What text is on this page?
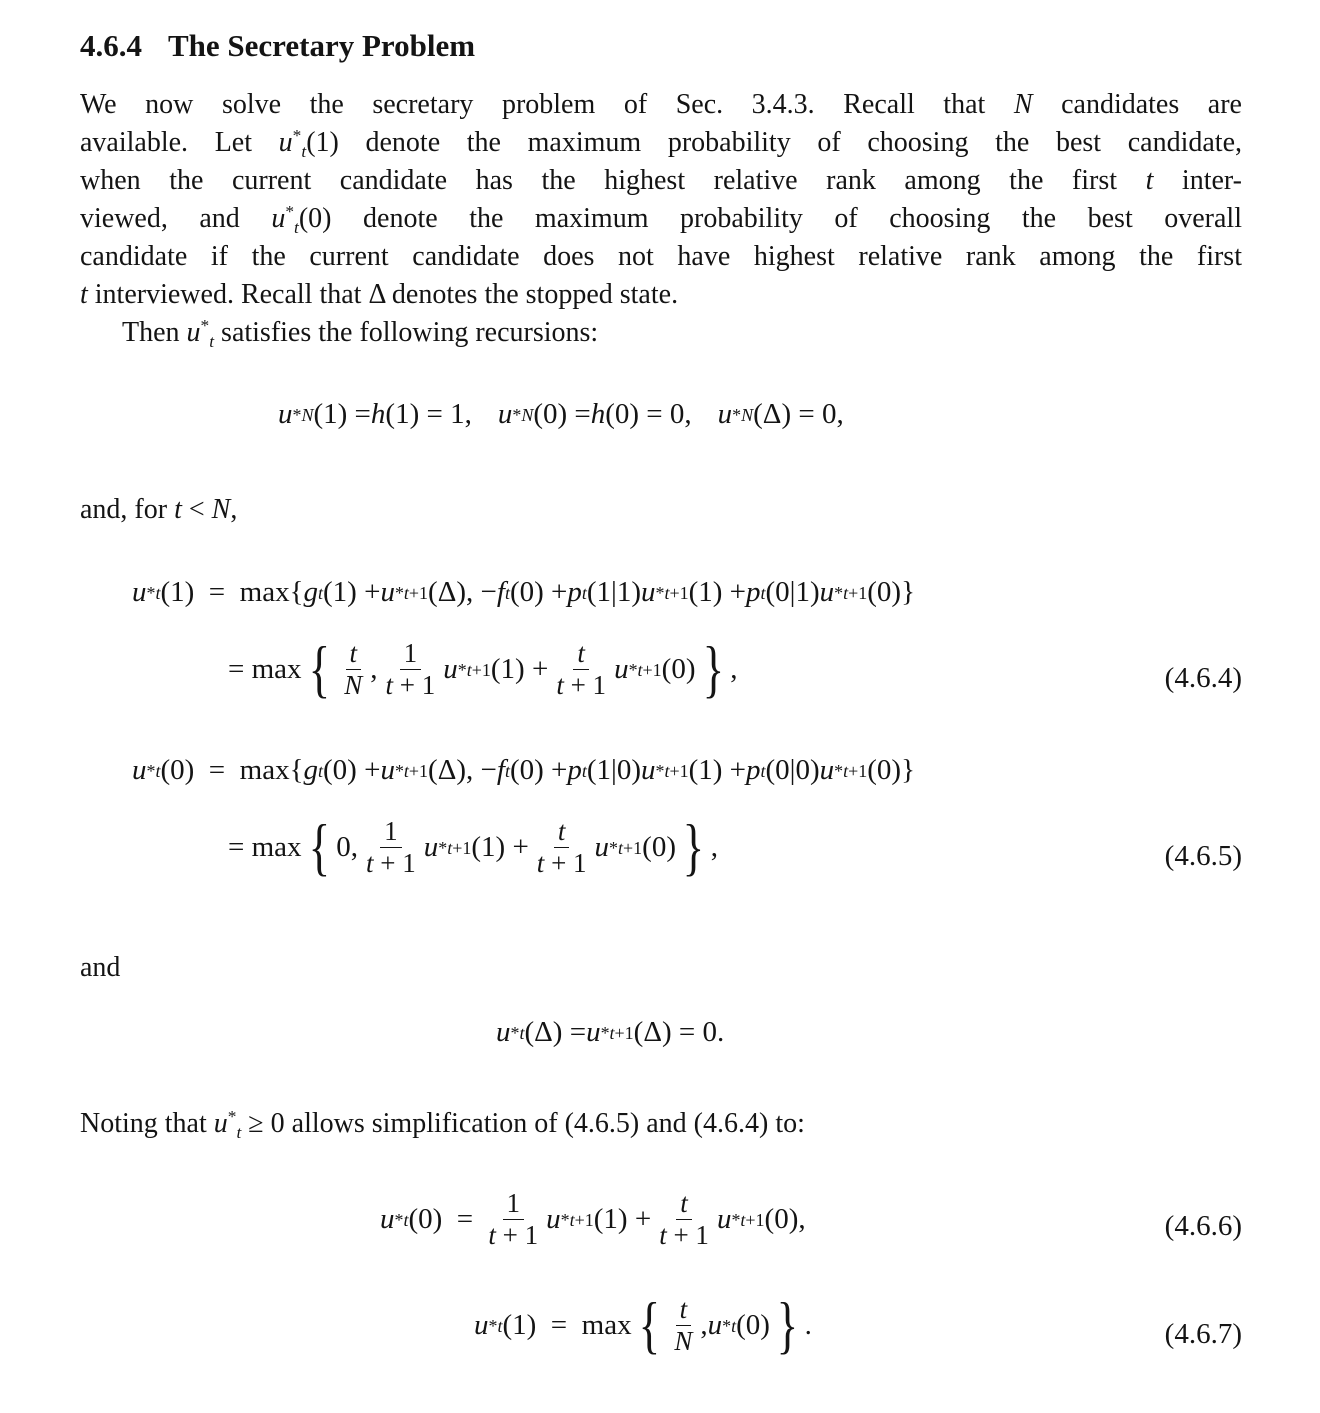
4.6.4 The Secretary Problem
We now solve the secretary problem of Sec. 3.4.3. Recall that N candidates are
available. Let $u^*_t(1)$ denote the maximum probability of choosing the best candidate,
when the current candidate has the highest relative rank among the first t inter-
viewed, and $u^*_t(0)$ denote the maximum probability of choosing the best overall
candidate if the current candidate does not have highest relative rank among the first
t interviewed. Recall that Δ denotes the stopped state.
Then $u^*_t$ satisfies the following recursions:
u * N (1) = h (1) = 1, u * N (0) = h (0) = 0, u * N (Δ) = 0,
and, for t < N,
u * t (1)  =  max{ g t (1) + u * t+1 (Δ), − f t (0) + p t (1|1) u * t+1 (1) + p t (0|1) u * t+1 (0)}
= max { $\frac{t}{N}$ , $\frac{1}{t + 1}$ u * t+1 $(1) + \frac{t}{t + 1}$ u * t+1 (0) } ,	(4.6.4)
u * t (0)  =  max{ g t (0) + u * t+1 (Δ), − f t (0) + p t (1|0) u * t+1 (1) + p t (0|0) u * t+1 (0)}
= max { 0, $\frac{1}{t + 1}$ u * t+1 $(1) + \frac{t}{t + 1}$ u * t+1 (0) } ,	(4.6.5)
and
u * t (Δ) = u * t+1 (Δ) = 0.
Noting that $u^*_t \ge 0$ allows simplification of (4.6.5) and (4.6.4) to:
u * t $(0) = \frac{1}{t + 1}$ u * t+1 $(1) + \frac{t}{t + 1}$ u * t+1 (0),	(4.6.6)
u * t (1)  =  max { $\frac{t}{N}$ , u * t (0) } .	(4.6.7)
